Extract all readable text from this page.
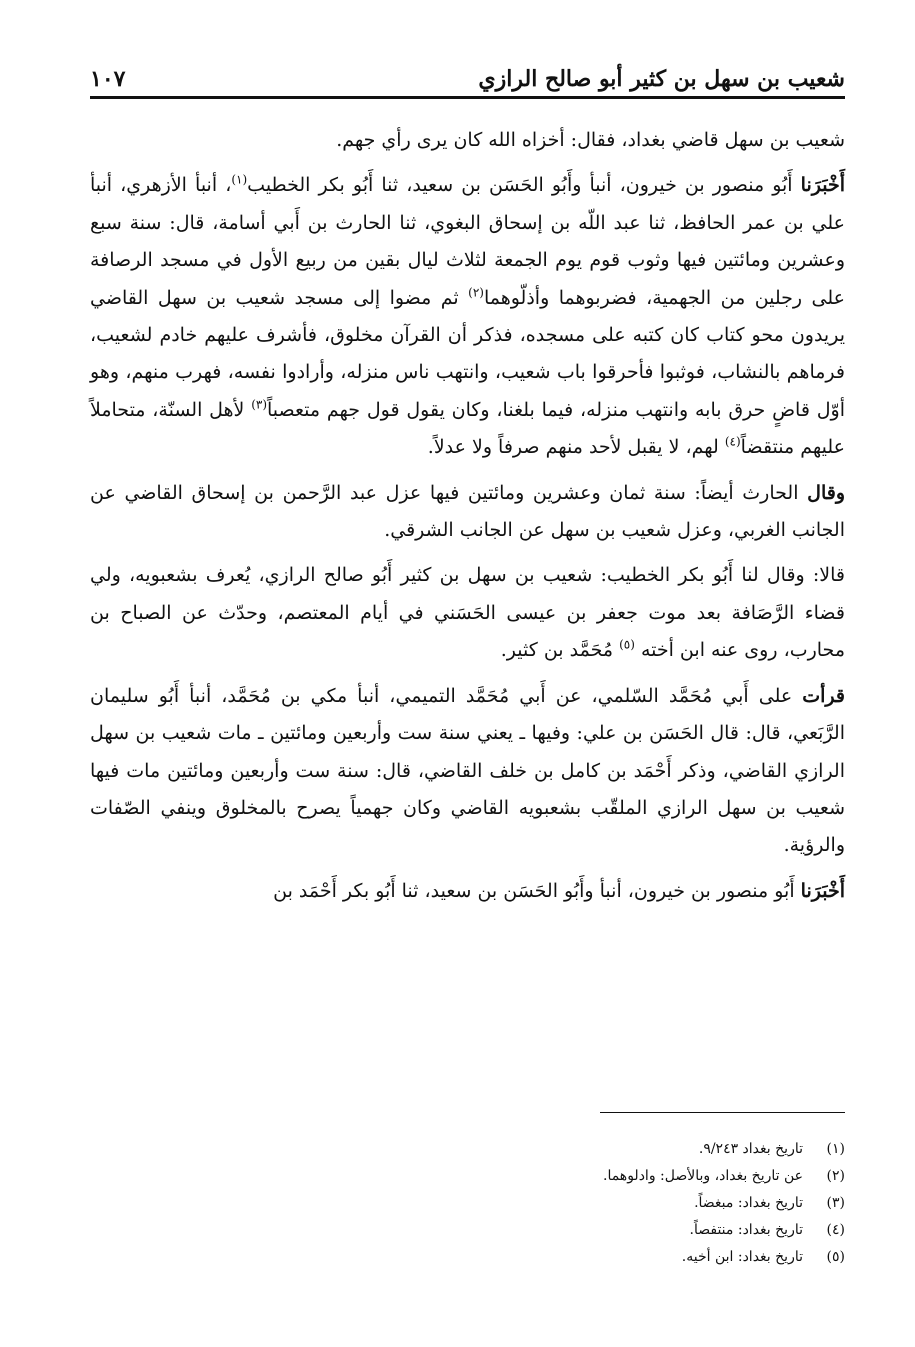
شعيب بن سهل بن كثير أبو صالح الرازي
١٠٧

شعيب بن سهل قاضي بغداد، فقال: أخزاه الله كان يرى رأي جهم.

أَخْبَرَنا أَبُو منصور بن خيرون، أنبأ وأَبُو الحَسَن بن سعيد، ثنا أَبُو بكر الخطيب$^{(١)}$، أنبأ الأزهري، أنبأ علي بن عمر الحافظ، ثنا عبد اللّه بن إسحاق البغوي، ثنا الحارث بن أَبي أسامة، قال: سنة سبع وعشرين ومائتين فيها وثوب قوم يوم الجمعة لثلاث ليال بقين من ربيع الأول في مسجد الرصافة على رجلين من الجهمية، فضربوهما وأذلّوهما$^{(٢)}$ ثم مضوا إلى مسجد شعيب بن سهل القاضي يريدون محو كتاب كان كتبه على مسجده، فذكر أن القرآن مخلوق، فأشرف عليهم خادم لشعيب، فرماهم بالنشاب، فوثبوا فأحرقوا باب شعيب، وانتهب ناس منزله، وأرادوا نفسه، فهرب منهم، وهو أوّل قاضٍ حرق بابه وانتهب منزله، فيما بلغنا، وكان يقول قول جهم متعصباً$^{(٣)}$ لأهل السنّة، متحاملاً عليهم منتقضاً$^{(٤)}$ لهم، لا يقبل لأحد منهم صرفاً ولا عدلاً.

وقال الحارث أيضاً: سنة ثمان وعشرين ومائتين فيها عزل عبد الرَّحمن بن إسحاق القاضي عن الجانب الغربي، وعزل شعيب بن سهل عن الجانب الشرقي.

قالا: وقال لنا أَبُو بكر الخطيب: شعيب بن سهل بن كثير أَبُو صالح الرازي، يُعرف بشعبويه، ولي قضاء الرَّصَافة بعد موت جعفر بن عيسى الحَسَني في أيام المعتصم، وحدّث عن الصباح بن محارب، روى عنه ابن أخته $^{(٥)}$ مُحَمَّد بن كثير.

قرأت على أَبي مُحَمَّد السّلمي، عن أَبي مُحَمَّد التميمي، أنبأ مكي بن مُحَمَّد، أنبأ أَبُو سليمان الرَّبَعي، قال: قال الحَسَن بن علي: وفيها ـ يعني سنة ست وأربعين ومائتين ـ مات شعيب بن سهل الرازي القاضي، وذكر أَحْمَد بن كامل بن خلف القاضي، قال: سنة ست وأربعين ومائتين مات فيها شعيب بن سهل الرازي الملقّب بشعبويه القاضي وكان جهمياً يصرح بالمخلوق وينفي الصّفات والرؤية.

أَخْبَرَنا أَبُو منصور بن خيرون، أنبأ وأَبُو الحَسَن بن سعيد، ثنا أَبُو بكر أَحْمَد بن

(١)
تاريخ بغداد ٩/٢٤٣.
(٢)
عن تاريخ بغداد، وبالأصل: وادلوهما.
(٣)
تاريخ بغداد: مبغضاً.
(٤)
تاريخ بغداد: منتفصاً.
(٥)
تاريخ بغداد: ابن أخيه.
